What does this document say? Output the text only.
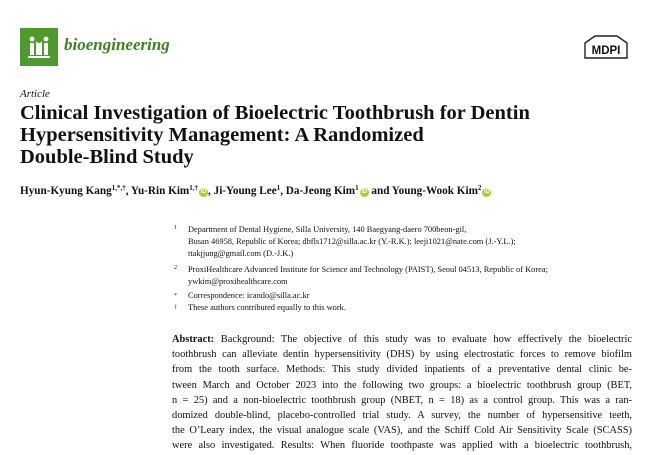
bioengineering	MDPI
Article
Clinical Investigation of Bioelectric Toothbrush for Dentin
Hypersensitivity Management: A Randomized
Double-Blind Study
Hyun-Kyung Kang$^{1,*,\dagger}$, Yu-Rin Kim$^{1,\dagger}$ iD , Ji-Young Lee$^1$, Da-Jeong Kim$^1$ iD and Young-Wook Kim$^2$ iD
1 Department of Dental Hygiene, Silla University, 140 Baegyang-daero 700beon-gil,
Busan 46958, Republic of Korea; dbfls1712@silla.ac.kr (Y.-R.K.); leeji1021@nate.com (J.-Y.L.);
ttakjjung@gmail.com (D.-J.K.)
2 ProxiHealthcare Advanced Institute for Science and Technology (PAIST), Seoul 04513, Republic of Korea;
ywkim@proxihealthcare.com
* Correspondence: icando@silla.ac.kr
† These authors contributed equally to this work.
Abstract: Background: The objective of this study was to evaluate how effectively the bioelectric
toothbrush can alleviate dentin hypersensitivity (DHS) by using electrostatic forces to remove biofilm
from the tooth surface. Methods: This study divided inpatients of a preventative dental clinic be-
tween March and October 2023 into the following two groups: a bioelectric toothbrush group (BET,
n = 25) and a non-bioelectric toothbrush group (NBET, n = 18) as a control group. This was a ran-
domized double-blind, placebo-controlled trial study. A survey, the number of hypersensitive teeth,
the O’Leary index, the visual analogue scale (VAS), and the Schiff Cold Air Sensitivity Scale (SCASS)
were also investigated. Results: When fluoride toothpaste was applied with a bioelectric toothbrush,
